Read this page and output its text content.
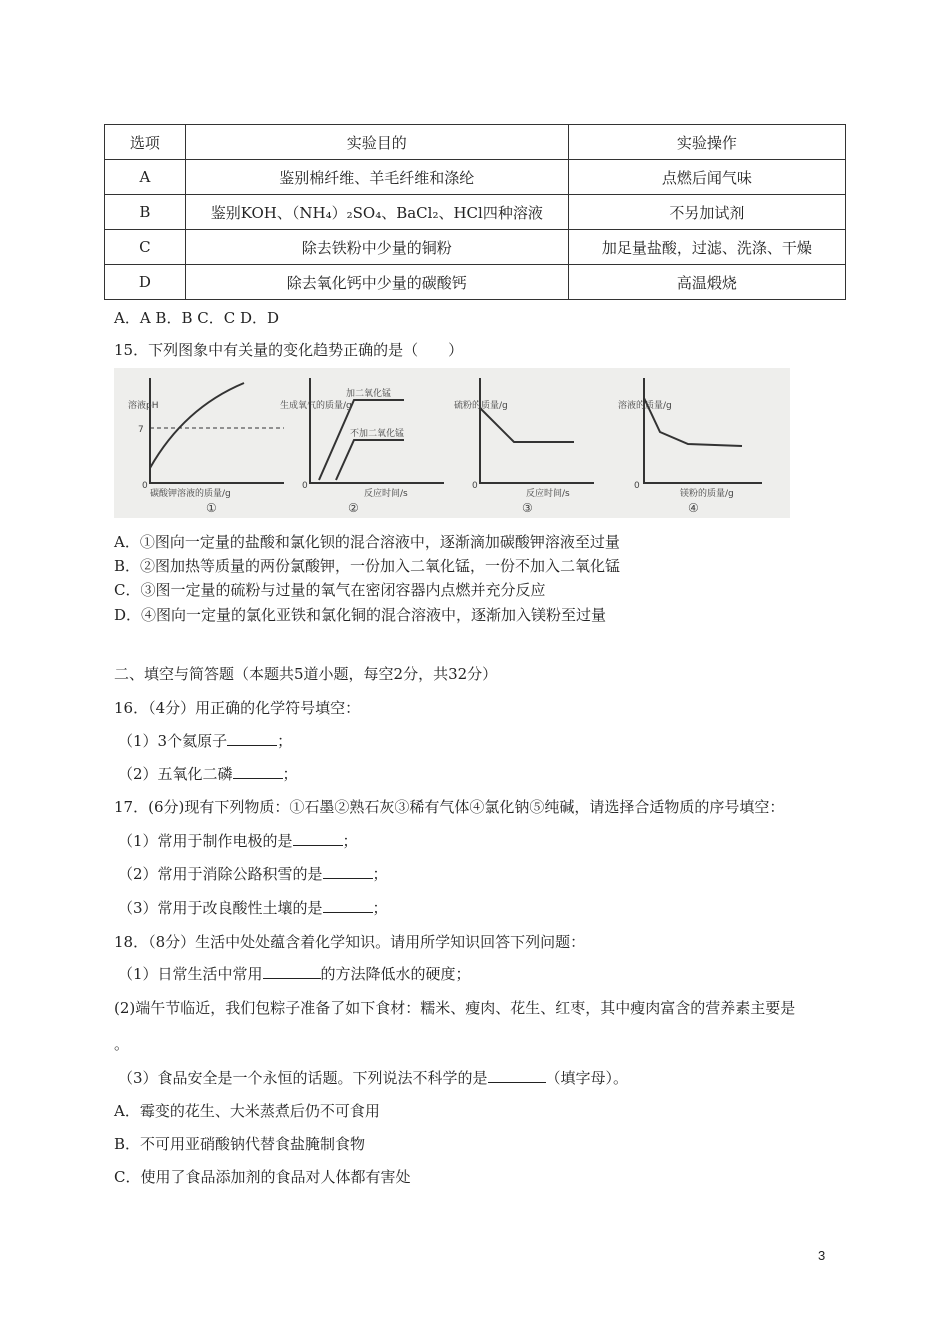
选项	实验目的	实验操作
A	鉴别棉纤维、羊毛纤维和涤纶	点燃后闻气味
B	鉴别KOH、（NH₄）₂SO₄、BaCl₂、HCl四种溶液	不另加试剂
C	除去铁粉中少量的铜粉	加足量盐酸，过滤、洗涤、干燥
D	除去氧化钙中少量的碳酸钙	高温煅烧
A．A B．B C．C D．D
15．下列图象中有关量的变化趋势正确的是（　　）
溶液pH
7
0
碳酸钾溶液的质量/g
①
生成氧气的质量/g
加二氧化锰
不加二氧化锰
0
反应时间/s
②
硫粉的质量/g
0
反应时间/s
③
溶液的质量/g
0
镁粉的质量/g
④
A．①图向一定量的盐酸和氯化钡的混合溶液中，逐渐滴加碳酸钾溶液至过量
B．②图加热等质量的两份氯酸钾，一份加入二氧化锰，一份不加入二氧化锰
C．③图一定量的硫粉与过量的氧气在密闭容器内点燃并充分反应
D．④图向一定量的氯化亚铁和氯化铜的混合溶液中，逐渐加入镁粉至过量
二、填空与简答题（本题共5道小题，每空2分，共32分）
16．（4分）用正确的化学符号填空：
（1）3个氦原子	；
（2）五氧化二磷	；
17．(6分)现有下列物质：①石墨②熟石灰③稀有气体④氯化钠⑤纯碱，请选择合适物质的序号填空：
（1）常用于制作电极的是	；
（2）常用于消除公路积雪的是	；
（3）常用于改良酸性土壤的是	；
18．（8分）生活中处处蕴含着化学知识。请用所学知识回答下列问题：
（1）日常生活中常用	的方法降低水的硬度；
(2)端午节临近，我们包粽子准备了如下食材：糯米、瘦肉、花生、红枣，其中瘦肉富含的营养素主要是
。
（3）食品安全是一个永恒的话题。下列说法不科学的是	（填字母）。
A．霉变的花生、大米蒸煮后仍不可食用
B．不可用亚硝酸钠代替食盐腌制食物
C．使用了食品添加剂的食品对人体都有害处
3
